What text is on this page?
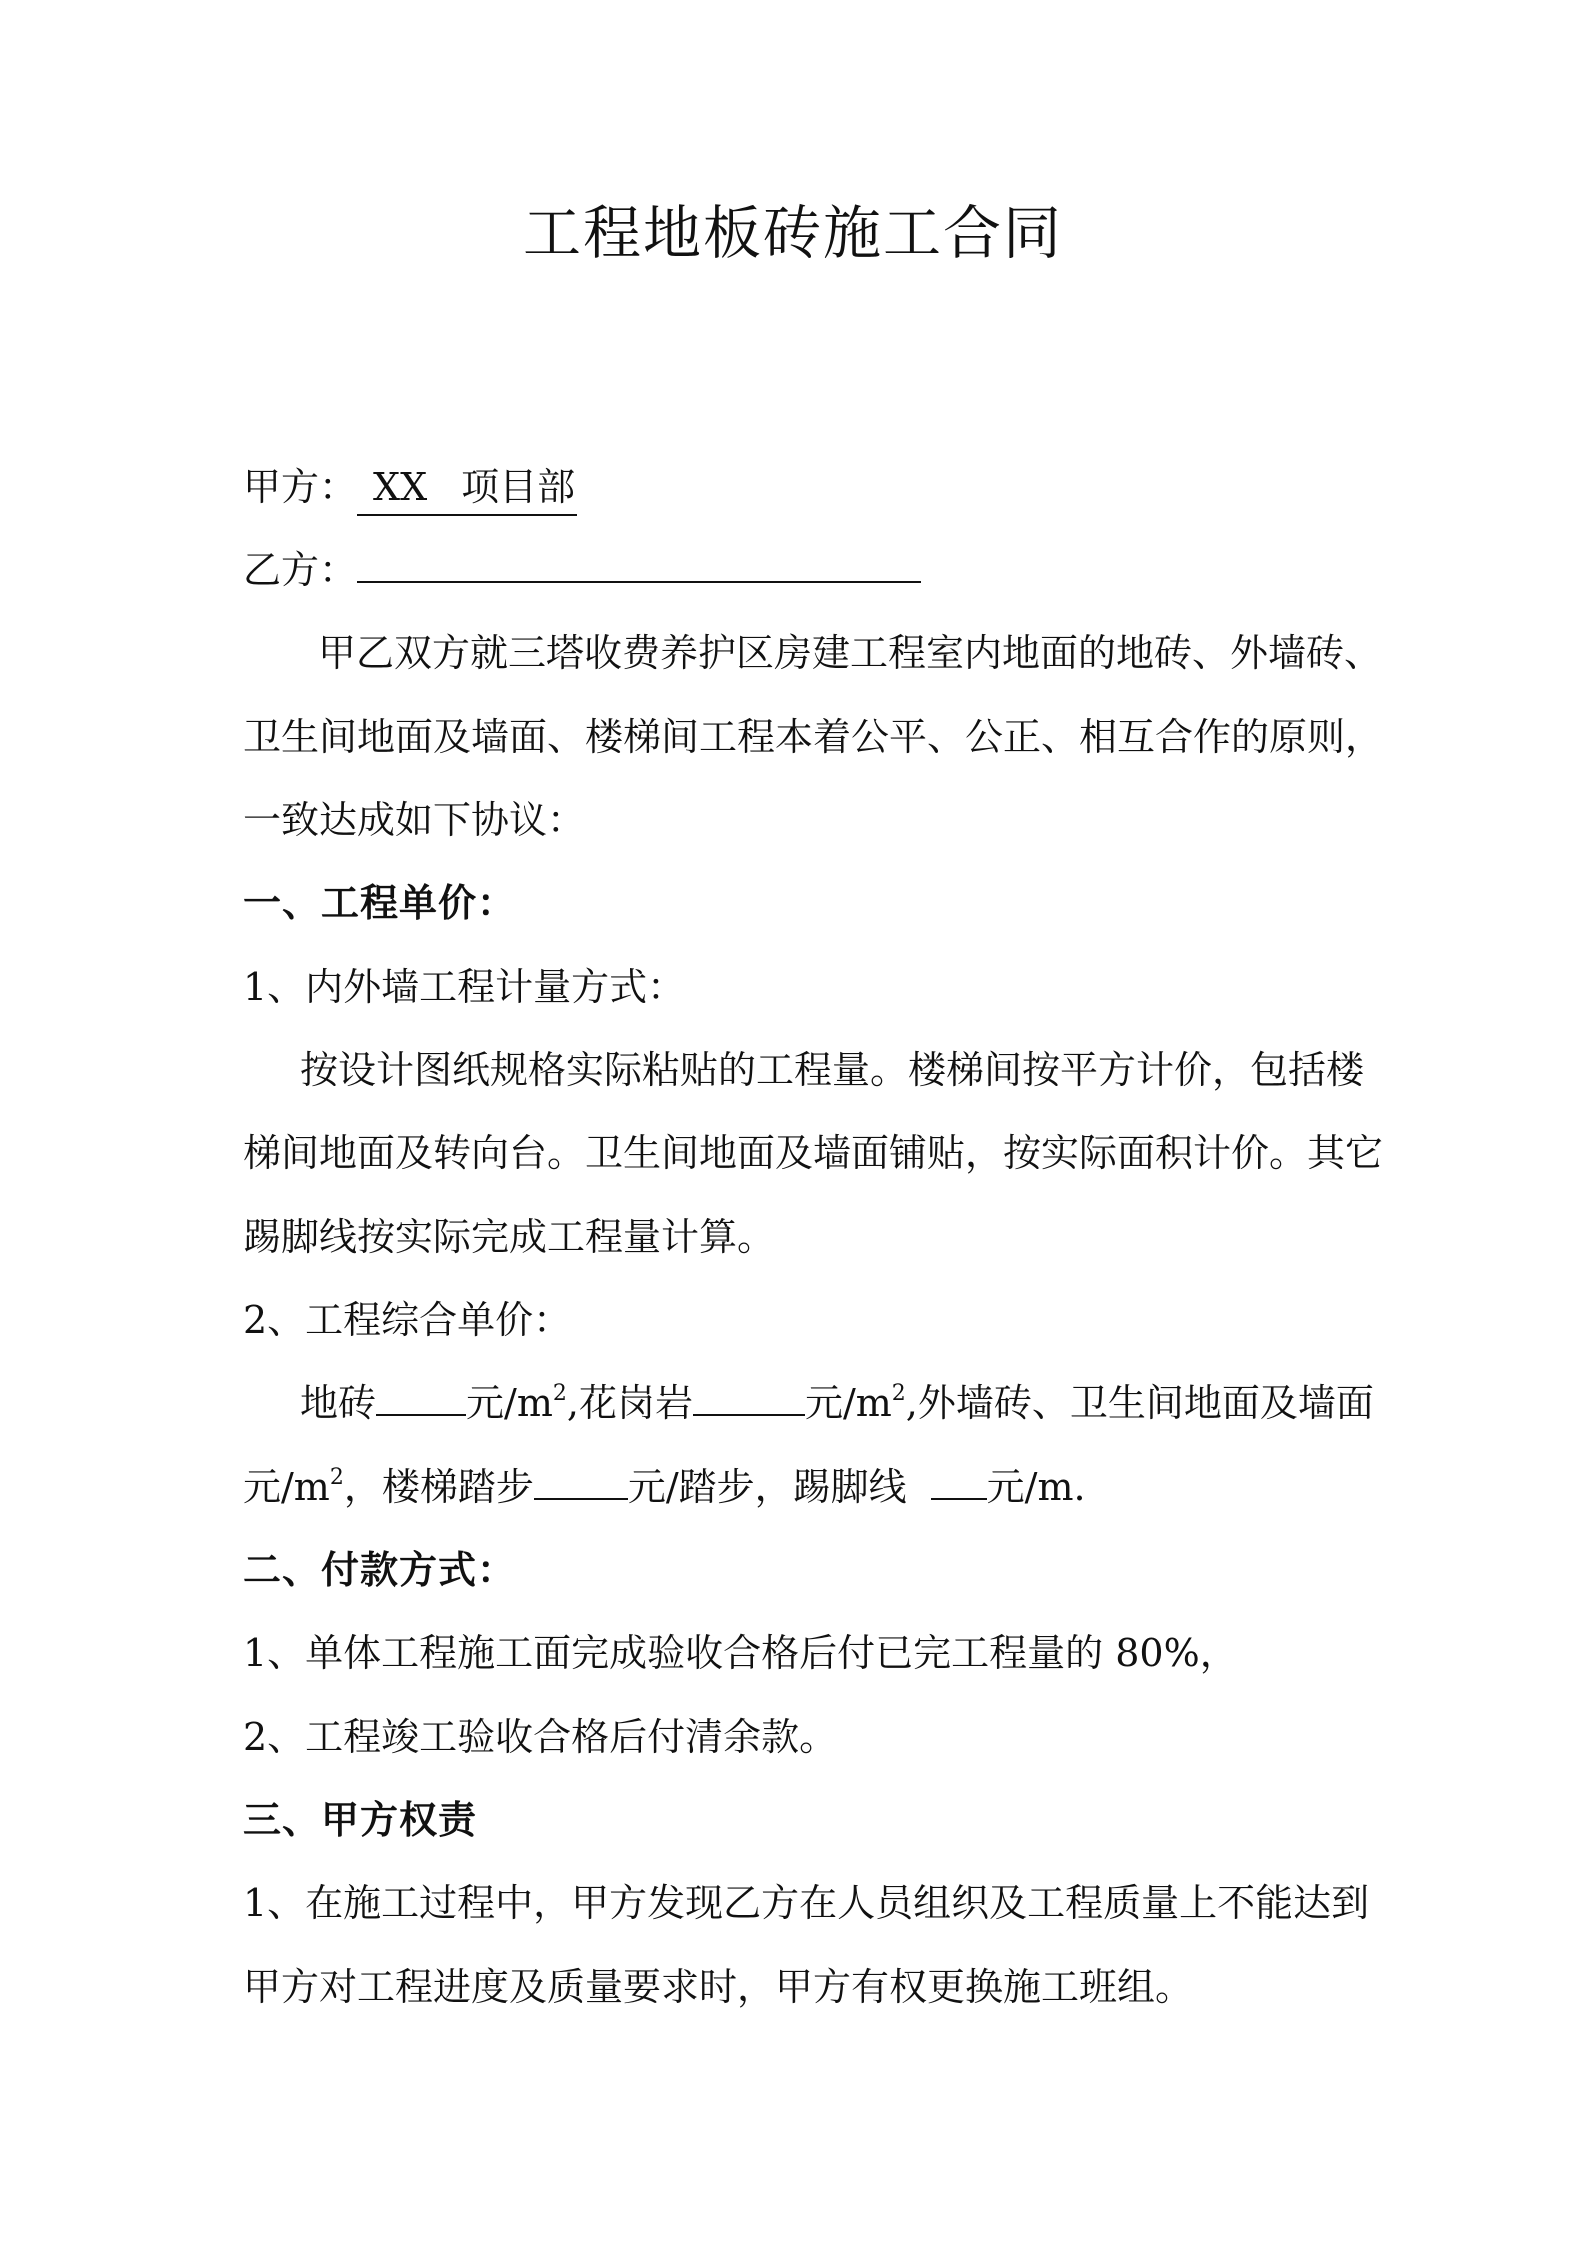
工程地板砖施工合同
甲方： XX 项目部
乙方：
甲乙双方就三塔收费养护区房建工程室内地面的地砖、外墙砖、
卫生间地面及墙面、楼梯间工程本着公平、公正、相互合作的原则，
一致达成如下协议：
一、工程单价：
1、内外墙工程计量方式：
按设计图纸规格实际粘贴的工程量。楼梯间按平方计价，包括楼
梯间地面及转向台。卫生间地面及墙面铺贴，按实际面积计价。其它
踢脚线按实际完成工程量计算。
2、工程综合单价：
地砖 元$/m^2$,花岗岩	元$/m^2$,外墙砖、卫生间地面及墙面
元$/m^2$，楼梯踏步 元/踏步，踢脚线 元/m.
二、付款方式：
1、单体工程施工面完成验收合格后付已完工程量的 80%，
2、工程竣工验收合格后付清余款。
三、甲方权责
1、在施工过程中，甲方发现乙方在人员组织及工程质量上不能达到
甲方对工程进度及质量要求时，甲方有权更换施工班组。
